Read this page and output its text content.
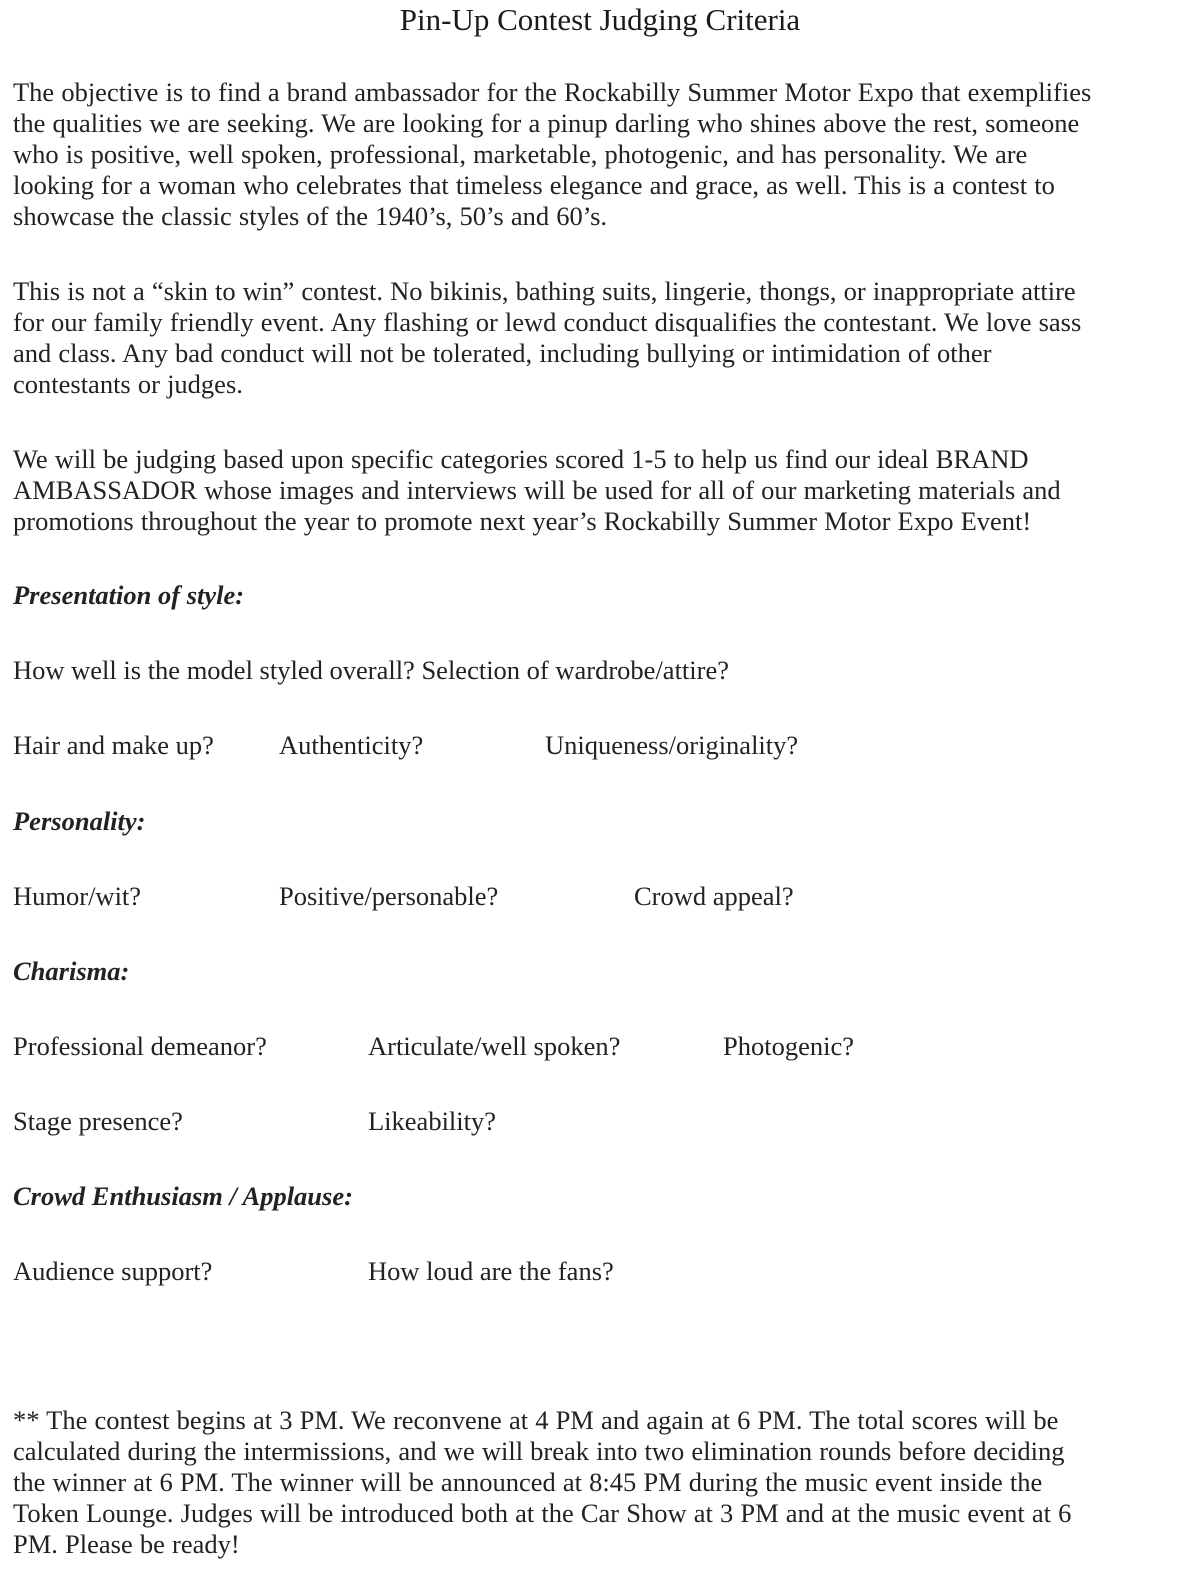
Pin-Up Contest Judging Criteria

The objective is to find a brand ambassador for the Rockabilly Summer Motor Expo that exemplifies
the qualities we are seeking. We are looking for a pinup darling who shines above the rest, someone
who is positive, well spoken, professional, marketable, photogenic, and has personality. We are
looking for a woman who celebrates that timeless elegance and grace, as well. This is a contest to
showcase the classic styles of the 1940’s, 50’s and 60’s.

This is not a “skin to win” contest. No bikinis, bathing suits, lingerie, thongs, or inappropriate attire
for our family friendly event. Any flashing or lewd conduct disqualifies the contestant. We love sass
and class. Any bad conduct will not be tolerated, including bullying or intimidation of other
contestants or judges.

We will be judging based upon specific categories scored 1-5 to help us find our ideal BRAND
AMBASSADOR whose images and interviews will be used for all of our marketing materials and
promotions throughout the year to promote next year’s Rockabilly Summer Motor Expo Event!

Presentation of style:
How well is the model styled overall? Selection of wardrobe/attire?
Hair and make up? Authenticity?	Uniqueness/originality?
Personality:
Humor/wit?	Positive/personable?	Crowd appeal?
Charisma:
Professional demeanor?	Articulate/well spoken?	Photogenic?
Stage presence?	Likeability?
Crowd Enthusiasm / Applause:
Audience support?	How loud are the fans?

** The contest begins at 3 PM. We reconvene at 4 PM and again at 6 PM. The total scores will be
calculated during the intermissions, and we will break into two elimination rounds before deciding
the winner at 6 PM. The winner will be announced at 8:45 PM during the music event inside the
Token Lounge. Judges will be introduced both at the Car Show at 3 PM and at the music event at 6
PM. Please be ready!
